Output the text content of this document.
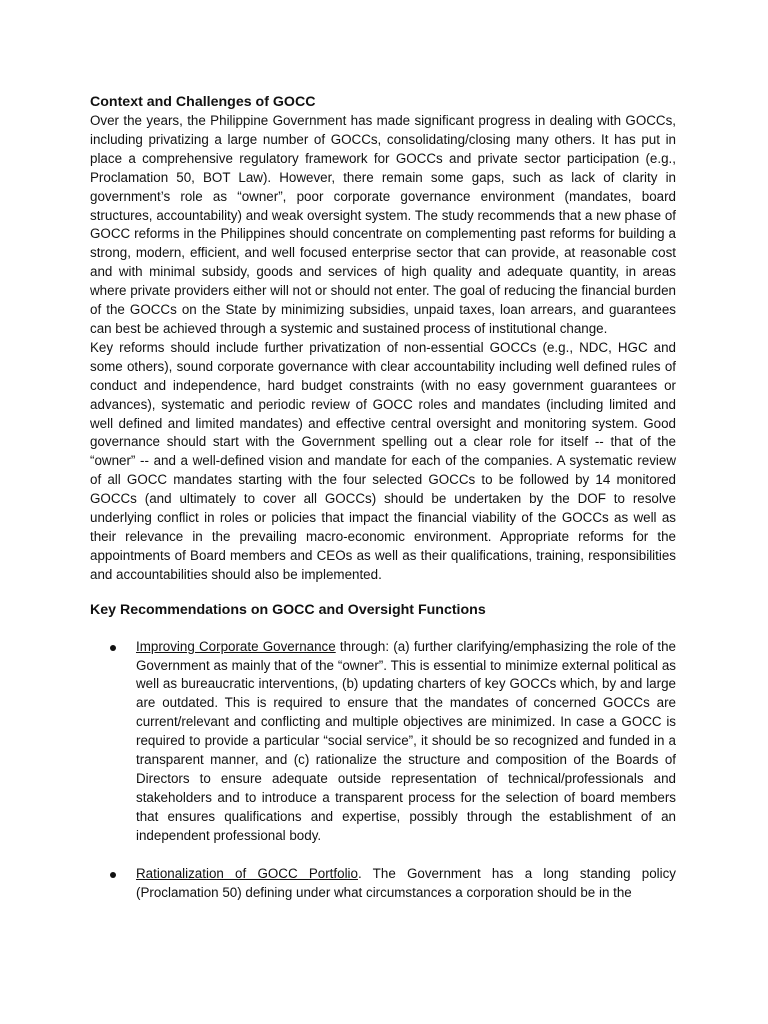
Context and Challenges of GOCC

Over the years, the Philippine Government has made significant progress in dealing with GOCCs, including privatizing a large number of GOCCs, consolidating/closing many others. It has put in place a comprehensive regulatory framework for GOCCs and private sector participation (e.g., Proclamation 50, BOT Law). However, there remain some gaps, such as lack of clarity in government’s role as “owner”, poor corporate governance environment (mandates, board structures, accountability) and weak oversight system. The study recommends that a new phase of GOCC reforms in the Philippines should concentrate on complementing past reforms for building a strong, modern, efficient, and well focused enterprise sector that can provide, at reasonable cost and with minimal subsidy, goods and services of high quality and adequate quantity, in areas where private providers either will not or should not enter. The goal of reducing the financial burden of the GOCCs on the State by minimizing subsidies, unpaid taxes, loan arrears, and guarantees can best be achieved through a systemic and sustained process of institutional change.

Key reforms should include further privatization of non-essential GOCCs (e.g., NDC, HGC and some others), sound corporate governance with clear accountability including well defined rules of conduct and independence, hard budget constraints (with no easy government guarantees or advances), systematic and periodic review of GOCC roles and mandates (including limited and well defined and limited mandates) and effective central oversight and monitoring system. Good governance should start with the Government spelling out a clear role for itself -- that of the “owner” -- and a well-defined vision and mandate for each of the companies. A systematic review of all GOCC mandates starting with the four selected GOCCs to be followed by 14 monitored GOCCs (and ultimately to cover all GOCCs) should be undertaken by the DOF to resolve underlying conflict in roles or policies that impact the financial viability of the GOCCs as well as their relevance in the prevailing macro-economic environment. Appropriate reforms for the appointments of Board members and CEOs as well as their qualifications, training, responsibilities and accountabilities should also be implemented.

Key Recommendations on GOCC and Oversight Functions
Improving Corporate Governance through: (a) further clarifying/emphasizing the role of the Government as mainly that of the “owner”. This is essential to minimize external political as well as bureaucratic interventions, (b) updating charters of key GOCCs which, by and large are outdated. This is required to ensure that the mandates of concerned GOCCs are current/relevant and conflicting and multiple objectives are minimized. In case a GOCC is required to provide a particular “social service”, it should be so recognized and funded in a transparent manner, and (c) rationalize the structure and composition of the Boards of Directors to ensure adequate outside representation of technical/professionals and stakeholders and to introduce a transparent process for the selection of board members that ensures qualifications and expertise, possibly through the establishment of an independent professional body.
Rationalization of GOCC Portfolio. The Government has a long standing policy (Proclamation 50) defining under what circumstances a corporation should be in the
